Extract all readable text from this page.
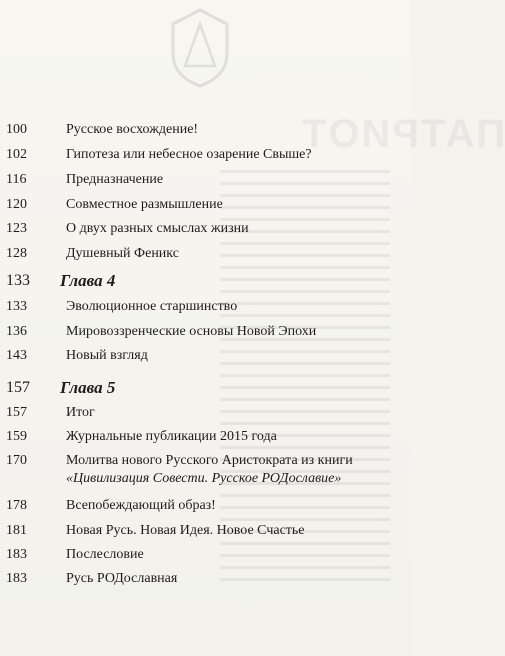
ПАТРИОТ
100	Русское восхождение!
102	Гипотеза или небесное озарение Свыше?
116	Предназначение
120	Совместное размышление
123	О двух разных смыслах жизни
128	Душевный Феникс
133	Глава 4
133	Эволюционное старшинство
136	Мировоззренческие основы Новой Эпохи
143	Новый взгляд
157	Глава 5
157	Итог
159	Журнальные публикации 2015 года
170	Молитва нового Русского Аристократа из книги
«Цивилизация Совести. Русское РОДославие»
178	Всепобеждающий образ!
181	Новая Русь. Новая Идея. Новое Счастье
183	Послесловие
183	Русь РОДославная
